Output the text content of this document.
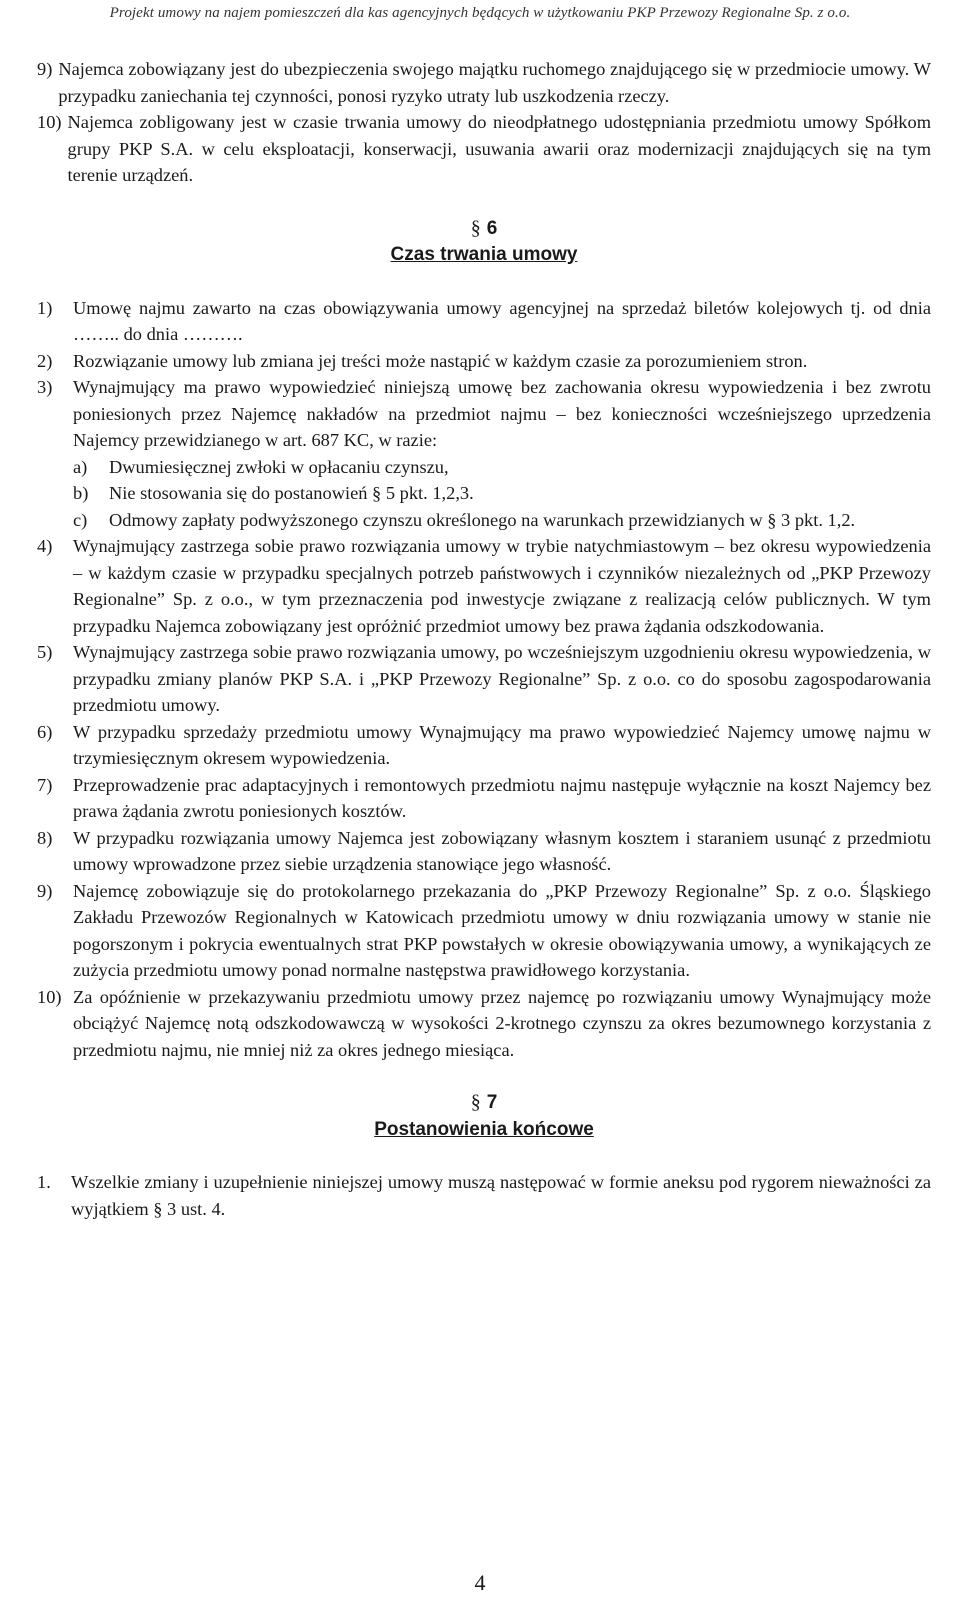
Projekt umowy na najem pomieszczeń dla kas agencyjnych będących w użytkowaniu PKP Przewozy Regionalne Sp. z o.o.
9) Najemca zobowiązany jest do ubezpieczenia swojego majątku ruchomego znajdującego się w przedmiocie umowy. W przypadku zaniechania tej czynności, ponosi ryzyko utraty lub uszkodzenia rzeczy.
10) Najemca zobligowany jest w czasie trwania umowy do nieodpłatnego udostępniania przedmiotu umowy Spółkom grupy PKP S.A. w celu eksploatacji, konserwacji, usuwania awarii oraz modernizacji znajdujących się na tym terenie urządzeń.
§ 6
Czas trwania umowy
1)	Umowę najmu zawarto na czas obowiązywania umowy agencyjnej na sprzedaż biletów kolejowych tj. od dnia …….. do dnia ……….
2)	Rozwiązanie umowy lub zmiana jej treści może nastąpić w każdym czasie za porozumieniem stron.
3)	Wynajmujący ma prawo wypowiedzieć niniejszą umowę bez zachowania okresu wypowiedzenia i bez zwrotu poniesionych przez Najemcę nakładów na przedmiot najmu – bez konieczności wcześniejszego uprzedzenia Najemcy przewidzianego w art. 687 KC, w razie:
a)	Dwumiesięcznej zwłoki w opłacaniu czynszu,
b)	Nie stosowania się do postanowień § 5 pkt. 1,2,3.
c)	Odmowy zapłaty podwyższonego czynszu określonego na warunkach przewidzianych w § 3 pkt. 1,2.
4)	Wynajmujący zastrzega sobie prawo rozwiązania umowy w trybie natychmiastowym – bez okresu wypowiedzenia – w każdym czasie w przypadku specjalnych potrzeb państwowych i czynników niezależnych od „PKP Przewozy Regionalne” Sp. z o.o., w tym przeznaczenia pod inwestycje związane z realizacją celów publicznych. W tym przypadku Najemca zobowiązany jest opróżnić przedmiot umowy bez prawa żądania odszkodowania.
5)	Wynajmujący zastrzega sobie prawo rozwiązania umowy, po wcześniejszym uzgodnieniu okresu wypowiedzenia, w przypadku zmiany planów PKP S.A. i „PKP Przewozy Regionalne” Sp. z o.o. co do sposobu zagospodarowania przedmiotu umowy.
6)	W przypadku sprzedaży przedmiotu umowy Wynajmujący ma prawo wypowiedzieć Najemcy umowę najmu w trzymiesięcznym okresem wypowiedzenia.
7)	Przeprowadzenie prac adaptacyjnych i remontowych przedmiotu najmu następuje wyłącznie na koszt Najemcy bez prawa żądania zwrotu poniesionych kosztów.
8)	W przypadku rozwiązania umowy Najemca jest zobowiązany własnym kosztem i staraniem usunąć z przedmiotu umowy wprowadzone przez siebie urządzenia stanowiące jego własność.
9)	Najemcę zobowiązuje się do protokolarnego przekazania do „PKP Przewozy Regionalne” Sp. z o.o. Śląskiego Zakładu Przewozów Regionalnych w Katowicach przedmiotu umowy w dniu rozwiązania umowy w stanie nie pogorszonym i pokrycia ewentualnych strat PKP powstałych w okresie obowiązywania umowy, a wynikających ze zużycia przedmiotu umowy ponad normalne następstwa prawidłowego korzystania.
10) Za opóźnienie w przekazywaniu przedmiotu umowy przez najemcę po rozwiązaniu umowy Wynajmujący może obciążyć Najemcę notą odszkodowawczą w wysokości 2-krotnego czynszu za okres bezumownego korzystania z przedmiotu najmu, nie mniej niż za okres jednego miesiąca.
§ 7
Postanowienia końcowe
1.	Wszelkie zmiany i uzupełnienie niniejszej umowy muszą następować w formie aneksu pod rygorem nieważności za wyjątkiem § 3 ust. 4.
4
